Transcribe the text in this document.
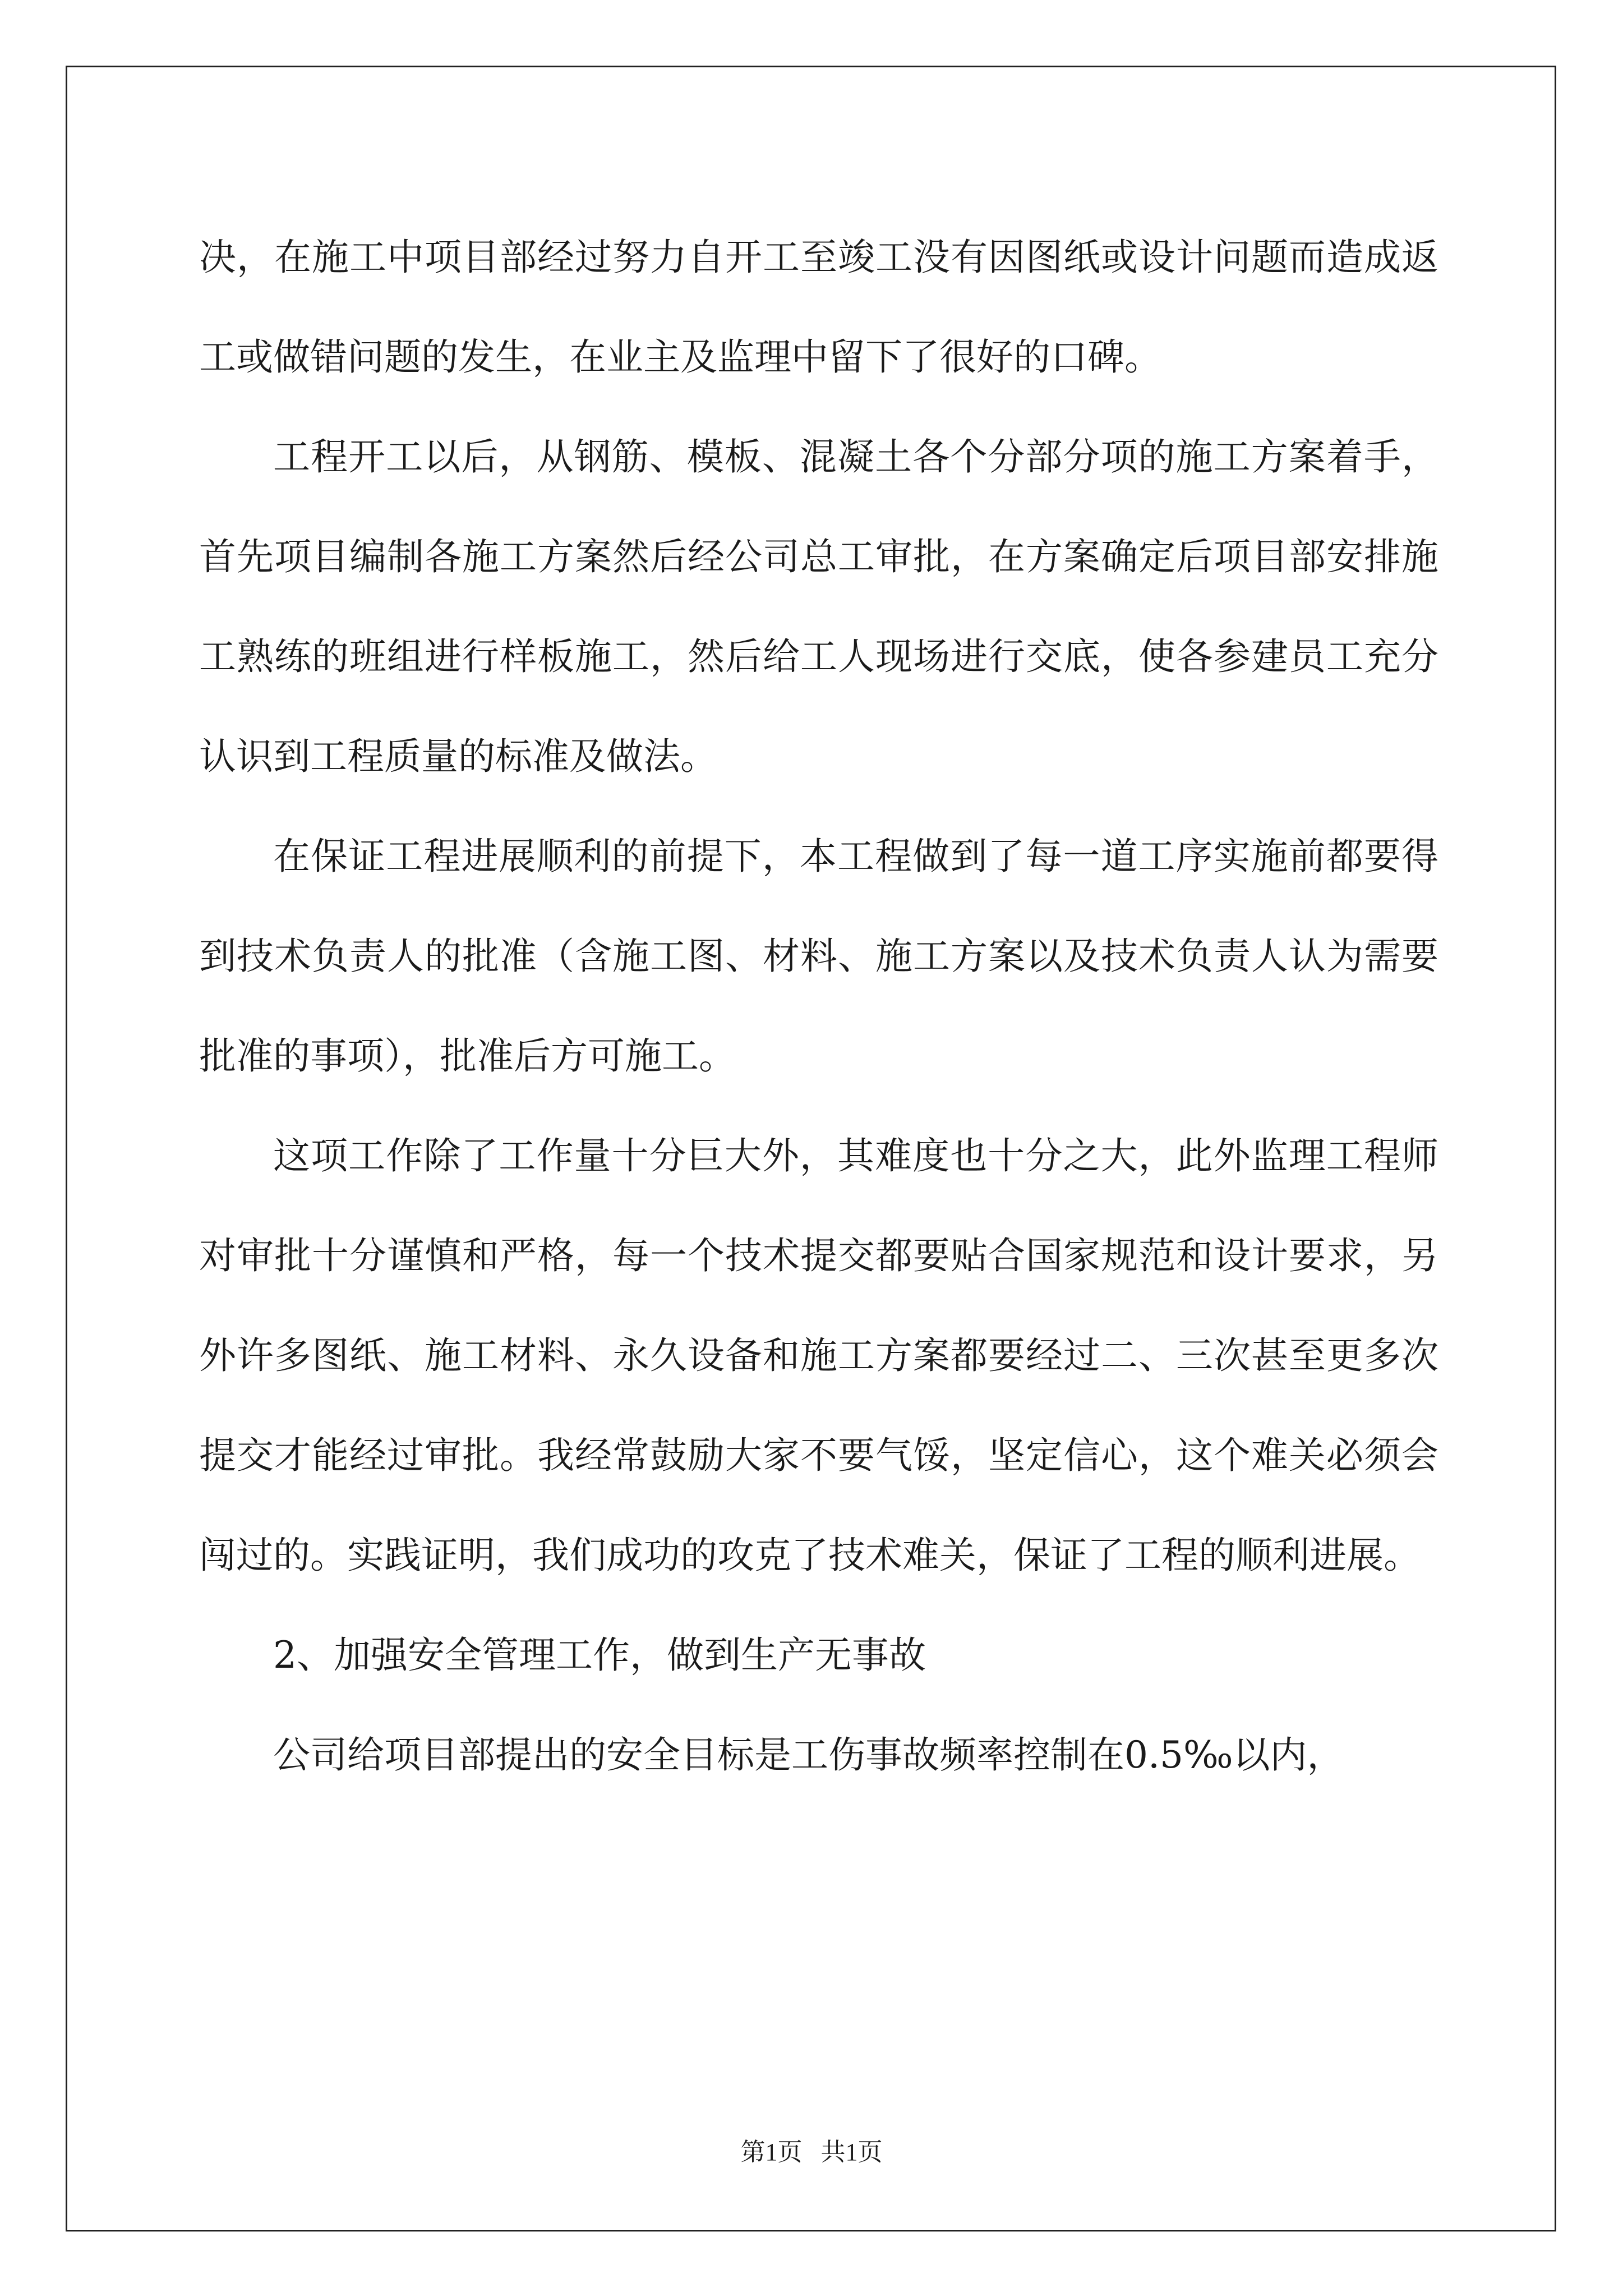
决，在施工中项目部经过努力自开工至竣工没有因图纸或设计问题而造成返工或做错问题的发生，在业主及监理中留下了很好的口碑。

工程开工以后，从钢筋、模板、混凝土各个分部分项的施工方案着手，首先项目编制各施工方案然后经公司总工审批，在方案确定后项目部安排施工熟练的班组进行样板施工，然后给工人现场进行交底，使各参建员工充分认识到工程质量的标准及做法。

在保证工程进展顺利的前提下，本工程做到了每一道工序实施前都要得到技术负责人的批准（含施工图、材料、施工方案以及技术负责人认为需要批准的事项），批准后方可施工。

这项工作除了工作量十分巨大外，其难度也十分之大，此外监理工程师对审批十分谨慎和严格，每一个技术提交都要贴合国家规范和设计要求，另外许多图纸、施工材料、永久设备和施工方案都要经过二、三次甚至更多次提交才能经过审批。我经常鼓励大家不要气馁，坚定信心，这个难关必须会闯过的。实践证明，我们成功的攻克了技术难关，保证了工程的顺利进展。

2、加强安全管理工作，做到生产无事故

公司给项目部提出的安全目标是工伤事故频率控制在0.5‰以内，

第1页   共1页
